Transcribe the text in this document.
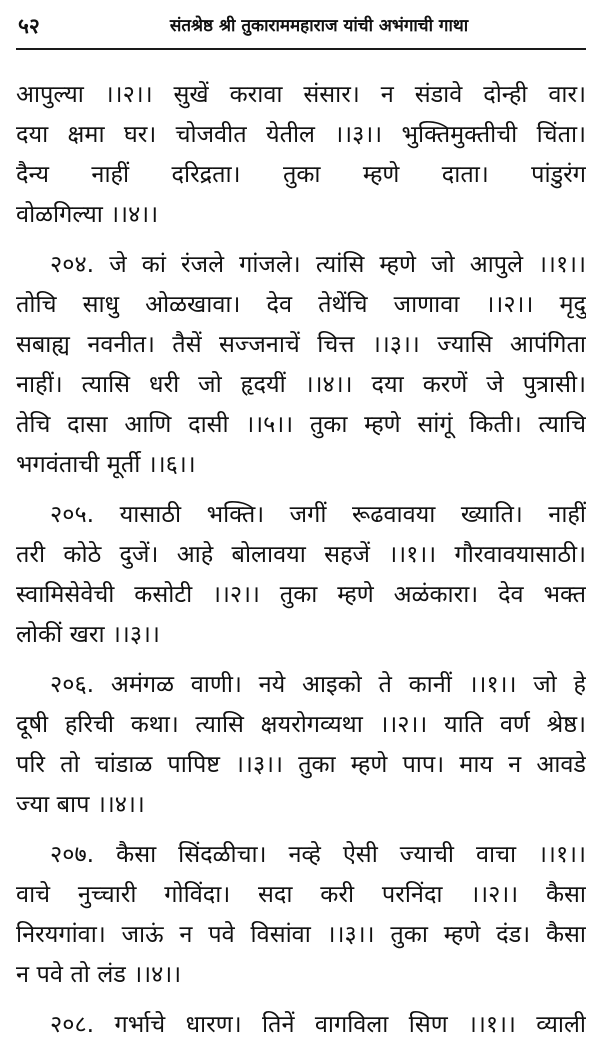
५२	संतश्रेष्ठ श्री तुकाराममहाराज यांची अभंगाची गाथा
आपुल्या ।।२।। सुखें करावा संसार। न संडावे दोन्ही वार।
दया क्षमा घर। चोजवीत येतील ।।३।। भुक्तिमुक्तीची चिंता।
दैन्य नाहीं दरिद्रता। तुका म्हणे दाता। पांडुरंग
वोळगिल्या ।।४।।
२०४. जे कां रंजले गांजले। त्यांसि म्हणे जो आपुले ।।१।।
तोचि साधु ओळखावा। देव तेथेंचि जाणावा ।।२।। मृदु
सबाह्य नवनीत। तैसें सज्जनाचें चित्त ।।३।। ज्यासि आपंगिता
नाहीं। त्यासि धरी जो हृदयीं ।।४।। दया करणें जे पुत्रासी।
तेचि दासा आणि दासी ।।५।। तुका म्हणे सांगूं किती। त्याचि
भगवंताची मूर्ती ।।६।।
२०५. यासाठी भक्ति। जगीं रूढवावया ख्याति। नाहीं
तरी कोठे दुजें। आहे बोलावया सहजें ।।१।। गौरवावयासाठी।
स्वामिसेवेची कसोटी ।।२।। तुका म्हणे अळंकारा। देव भक्त
लोकीं खरा ।।३।।
२०६. अमंगळ वाणी। नये आइको ते कानीं ।।१।। जो हे
दूषी हरिची कथा। त्यासि क्षयरोगव्यथा ।।२।। याति वर्ण श्रेष्ठ।
परि तो चांडाळ पापिष्ट ।।३।। तुका म्हणे पाप। माय न आवडे
ज्या बाप ।।४।।
२०७. कैसा सिंदळीचा। नव्हे ऐसी ज्याची वाचा ।।१।।
वाचे नुच्चारी गोविंदा। सदा करी परनिंदा ।।२।। कैसा
निरयगांवा। जाऊं न पवे विसांवा ।।३।। तुका म्हणे दंड। कैसा
न पवे तो लंड ।।४।।
२०८. गर्भाचे धारण। तिनें वागविला सिण ।।१।। व्याली
